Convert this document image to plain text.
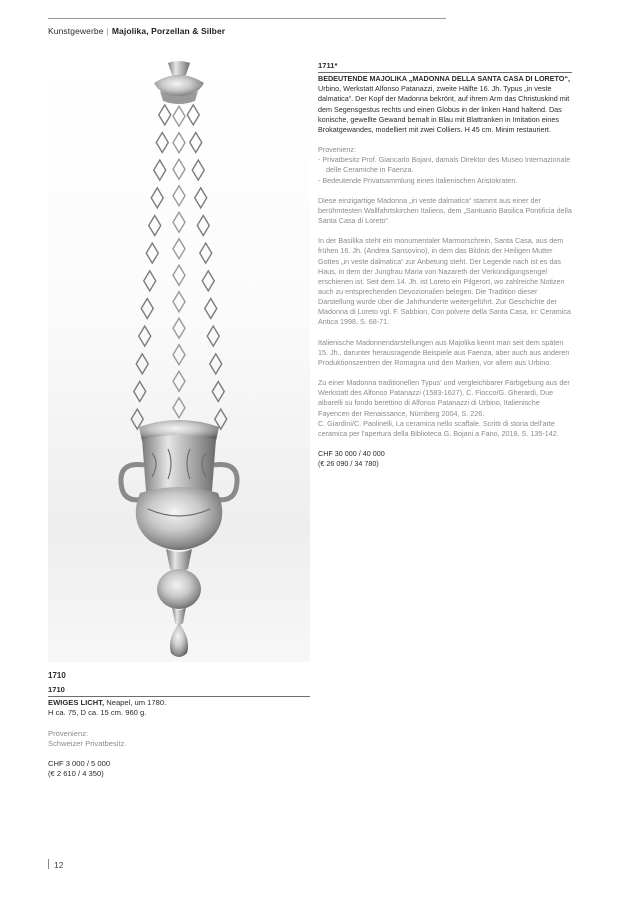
Kunstgewerbe | Majolika, Porzellan & Silber
1710
1710
EWIGES LICHT, Neapel, um 1780.
H ca. 75, D ca. 15 cm. 960 g.
Provenienz:
Schweizer Privatbesitz.
CHF 3 000 / 5 000
(€ 2 610 / 4 350)
1711*

BEDEUTENDE MAJOLIKA „MADONNA DELLA SANTA CASA DI LORETO“, Urbino, Werkstatt Alfonso Patanazzi, zweite Hälfte 16. Jh. Typus „in veste dalmatica“. Der Kopf der Madonna bekrönt, auf ihrem Arm das Christuskind mit dem Segensgestus rechts und einen Globus in der linken Hand haltend. Das konische, gewellte Gewand bemalt in Blau mit Blattranken in Imitation eines Brokatgewandes, modelliert mit zwei Colliers. H 45 cm. Minim restauriert.

Provenienz:

- Privatbesitz Prof. Giancarlo Bojani, damals Direktor des Museo Internazionale delle Ceramiche in Faenza.
- Bedeutende Privatsammlung eines italienischen Aristokraten.

Diese einzigartige Madonna „in veste dalmatica“ stammt aus einer der berühmtesten Wallfahrtskirchen Italiens, dem „Santuario Basilica Pontificia della Santa Casa di Loreto“.

In der Basilika steht ein monumentaler Marmorschrein, Santa Casa, aus dem frühen 16. Jh. (Andrea Sansovino), in dem das Bildnis der Heiligen Mutter Gottes „in veste dalmatica“ zur Anbetung steht. Der Legende nach ist es das Haus, in dem der Jungfrau Maria von Nazareth der Verkündigungsengel erschienen ist. Seit dem 14. Jh. ist Loreto ein Pilgerort, wo zahlreiche Notizen auch zu entsprechenden Devozionalien belegen. Die Tradition dieser Darstellung wurde über die Jahrhunderte weitergeführt. Zur Geschichte der Madonna di Loreto vgl. F. Sabbion, Con polvere della Santa Casa, in: Ceramica Antica 1998, S. 68-71.

Italienische Madonnendarstellungen aus Majolika kennt man seit dem späten 15. Jh., darunter herausragende Beispiele aus Faenza, aber auch aus anderen Produktionszentren der Romagna und den Marken, vor allem aus Urbino.

Zu einer Madonna traditionellen Typus' und vergleichbarer Farbgebung aus der Werkstatt des Alfonso Patanazzi (1583-1627), C. Fiocco/G. Gherardi, Due albarelli su fondo berettino di Alfonso Patanazzi di Urbino, Italienische Fayencen der Renaissance, Nürnberg 2004, S. 226.

C. Giardini/C. Paolinelli, La ceramica nello scaffale. Scritti di storia dell'arte ceramica per l'apertura della Biblioteca G. Bojani a Fano, 2018, S. 135-142.

CHF 30 000 / 40 000
(€ 26 090 / 34 780)
12
